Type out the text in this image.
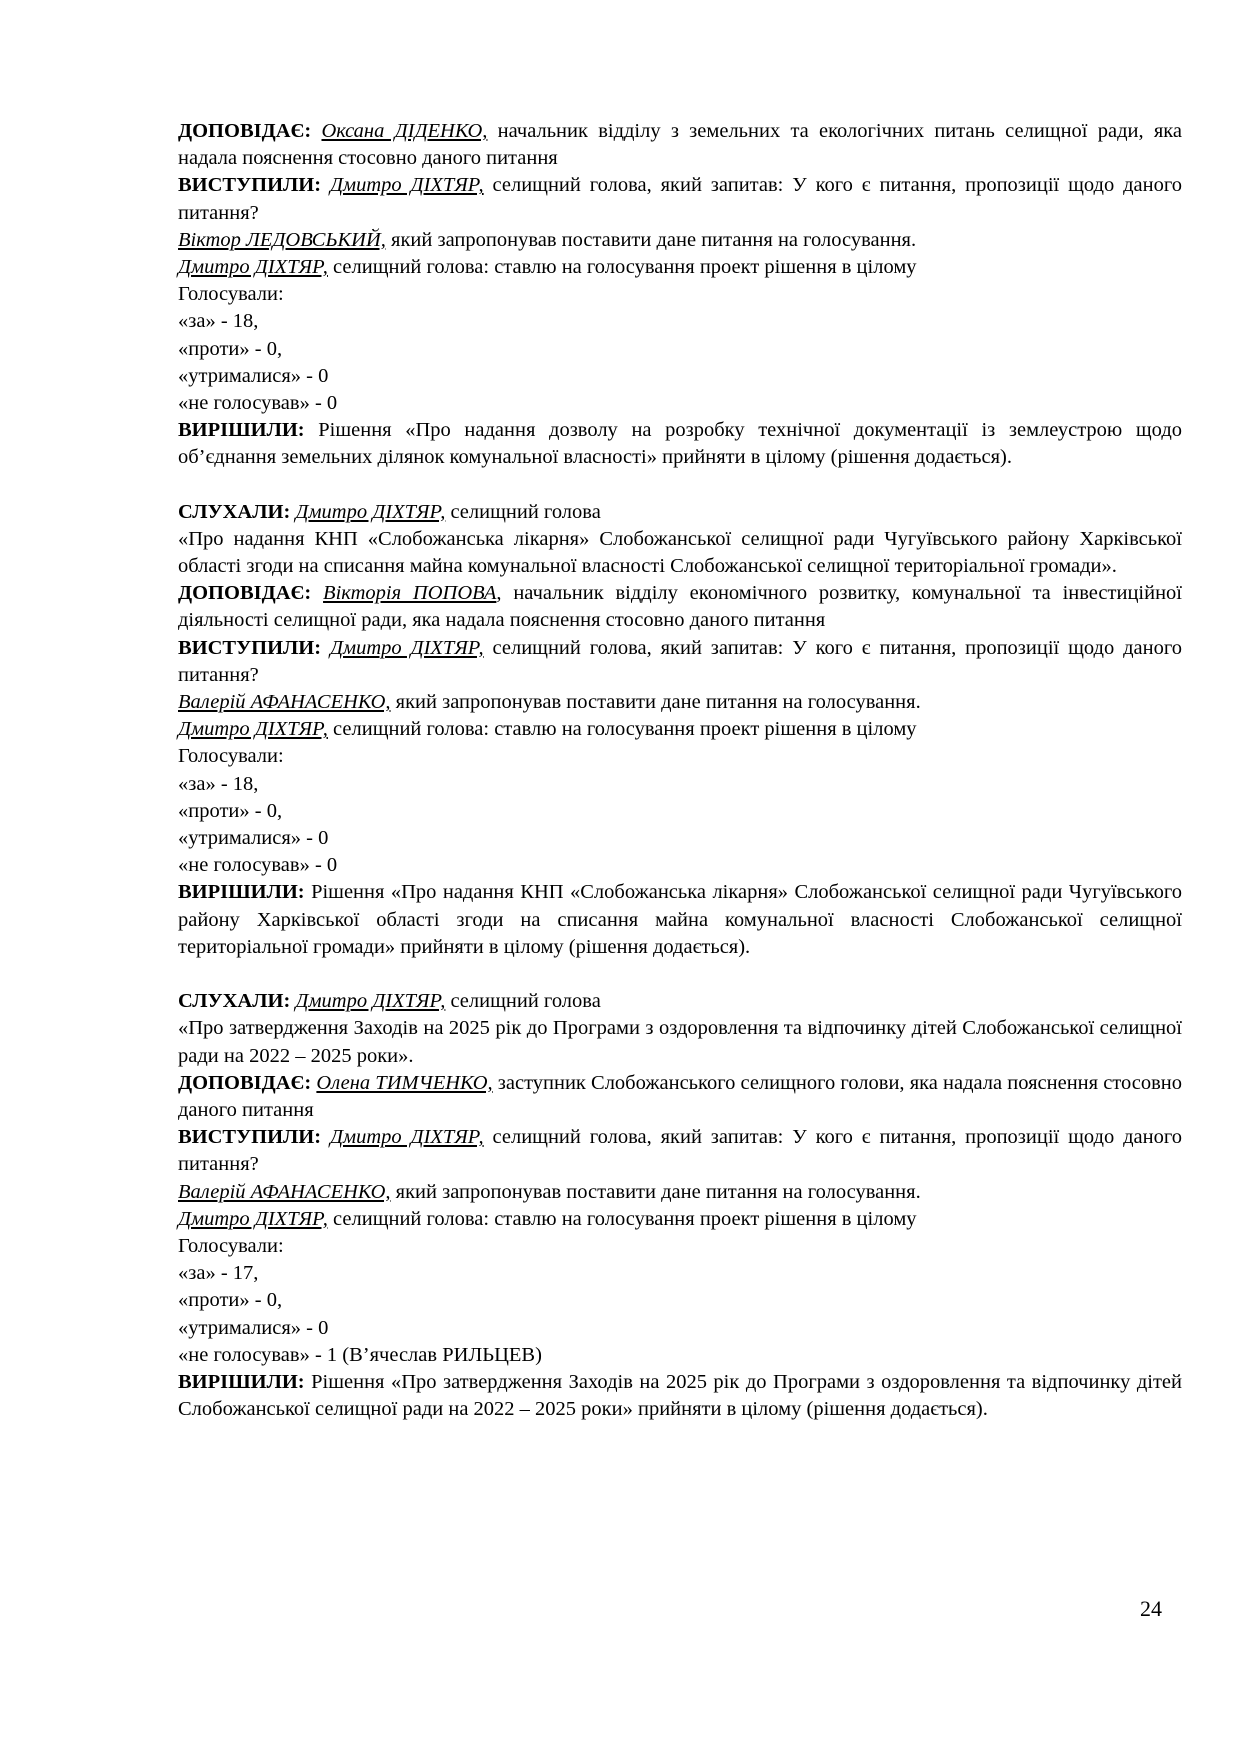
ДОПОВІДАЄ: Оксана ДІДЕНКО, начальник відділу з земельних та екологічних питань селищної ради, яка надала пояснення стосовно даного питання

ВИСТУПИЛИ: Дмитро ДІХТЯР, селищний голова, який запитав: У кого є питання, пропозиції щодо даного питання?

Віктор ЛЕДОВСЬКИЙ, який запропонував поставити дане питання на голосування.

Дмитро ДІХТЯР, селищний голова: ставлю на голосування проект рішення в цілому

Голосували:

«за» - 18,

«проти» - 0,

«утрималися» - 0

«не голосував» - 0

ВИРІШИЛИ: Рішення «Про надання дозволу на розробку технічної документації із землеустрою щодо об’єднання земельних ділянок комунальної власності» прийняти в цілому (рішення додається).

СЛУХАЛИ: Дмитро ДІХТЯР, селищний голова

«Про надання КНП «Слобожанська лікарня» Слобожанської селищної ради Чугуївського району Харківської області згоди на списання майна комунальної власності Слобожанської селищної територіальної громади».

ДОПОВІДАЄ: Вікторія ПОПОВА, начальник відділу економічного розвитку, комунальної та інвестиційної діяльності селищної ради, яка надала пояснення стосовно даного питання

ВИСТУПИЛИ: Дмитро ДІХТЯР, селищний голова, який запитав: У кого є питання, пропозиції щодо даного питання?

Валерій АФАНАСЕНКО, який запропонував поставити дане питання на голосування.

Дмитро ДІХТЯР, селищний голова: ставлю на голосування проект рішення в цілому

Голосували:

«за» - 18,

«проти» - 0,

«утрималися» - 0

«не голосував» - 0

ВИРІШИЛИ: Рішення «Про надання КНП «Слобожанська лікарня» Слобожанської селищної ради Чугуївського району Харківської області згоди на списання майна комунальної власності Слобожанської селищної територіальної громади» прийняти в цілому (рішення додається).

СЛУХАЛИ: Дмитро ДІХТЯР, селищний голова

«Про затвердження Заходів на 2025 рік до Програми з оздоровлення та відпочинку дітей Слобожанської селищної ради на 2022 – 2025 роки».

ДОПОВІДАЄ: Олена ТИМЧЕНКО, заступник Слобожанського селищного голови, яка надала пояснення стосовно даного питання

ВИСТУПИЛИ: Дмитро ДІХТЯР, селищний голова, який запитав: У кого є питання, пропозиції щодо даного питання?

Валерій АФАНАСЕНКО, який запропонував поставити дане питання на голосування.

Дмитро ДІХТЯР, селищний голова: ставлю на голосування проект рішення в цілому

Голосували:

«за» - 17,

«проти» - 0,

«утрималися» - 0

«не голосував» - 1 (В’ячеслав РИЛЬЦЕВ)

ВИРІШИЛИ: Рішення «Про затвердження Заходів на 2025 рік до Програми з оздоровлення та відпочинку дітей Слобожанської селищної ради на 2022 – 2025 роки» прийняти в цілому (рішення додається).

24
